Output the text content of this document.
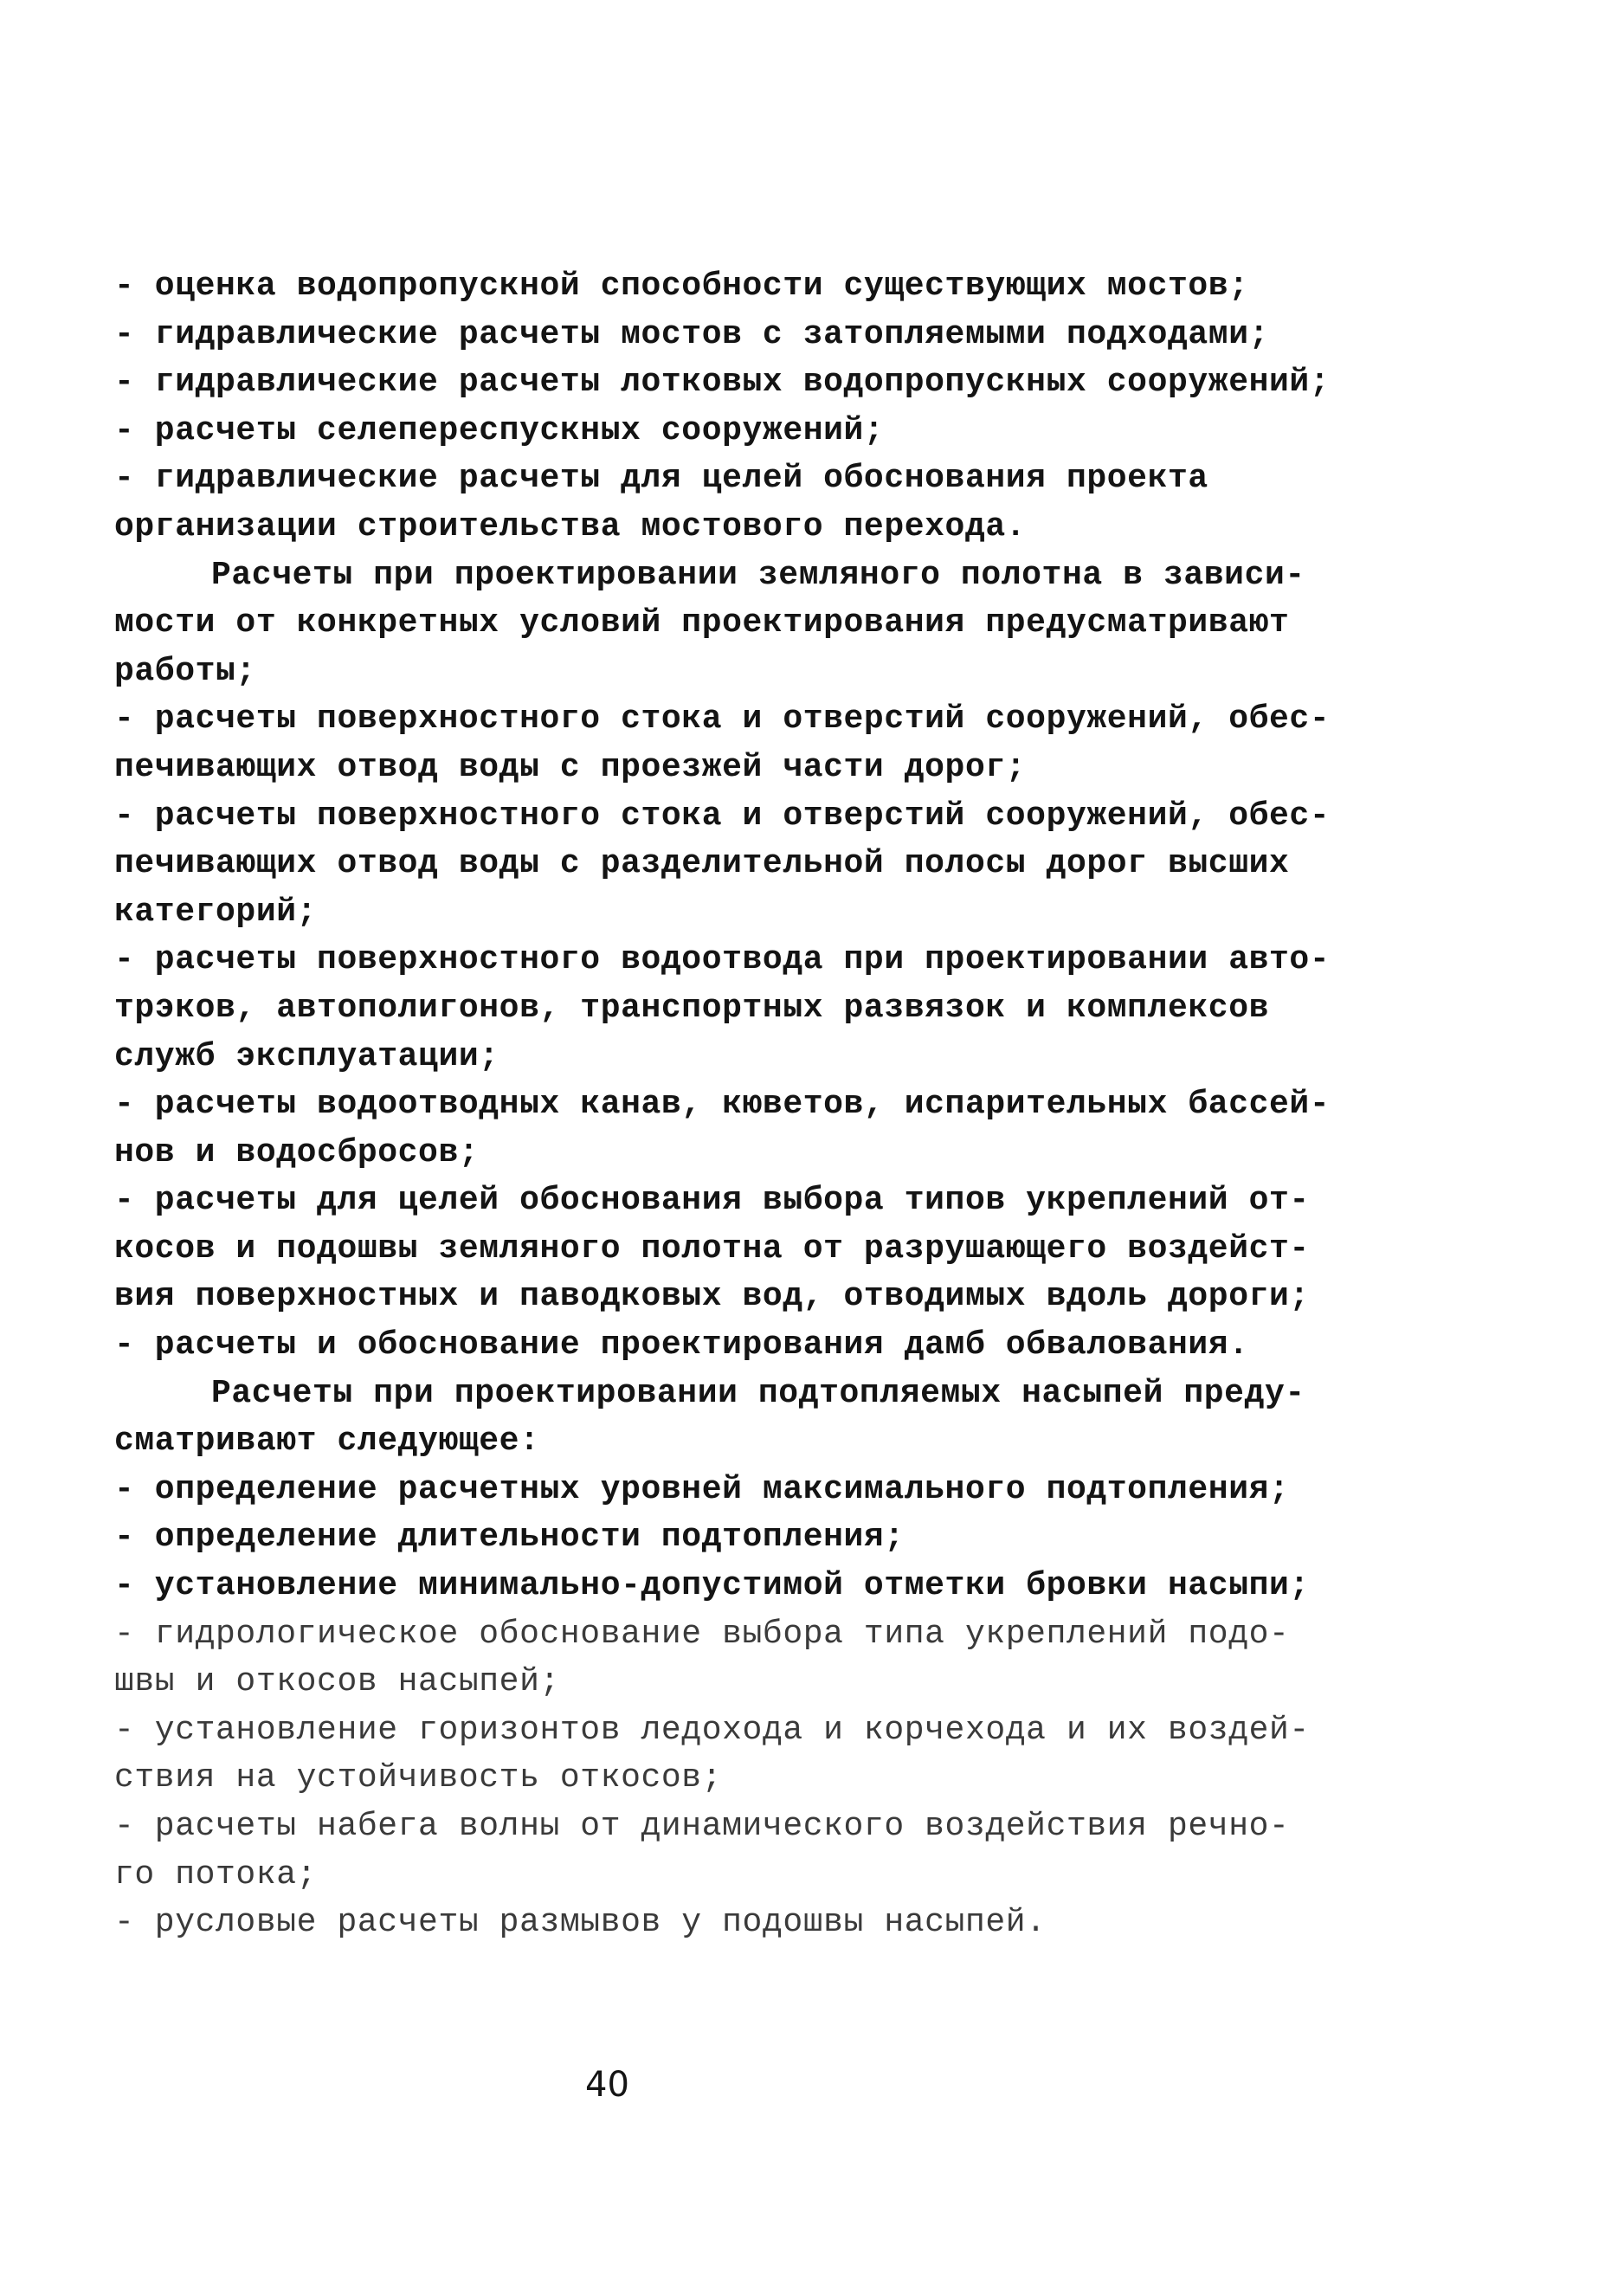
- оценка водопропускной способности существующих мостов;
- гидравлические расчеты мостов с затопляемыми подходами;
- гидравлические расчеты лотковых водопропускных сооружений;
- расчеты селепереспускных сооружений;
- гидравлические расчеты для целей обоснования проекта
организации строительства мостового перехода.
Расчеты при проектировании земляного полотна в зависи-
мости от конкретных условий проектирования предусматривают
работы;
- расчеты поверхностного стока и отверстий сооружений, обес-
печивающих отвод воды с проезжей части дорог;
- расчеты поверхностного стока и отверстий сооружений, обес-
печивающих отвод воды с разделительной полосы дорог высших
категорий;
- расчеты поверхностного водоотвода при проектировании авто-
трэков, автополигонов, транспортных развязок и комплексов
служб эксплуатации;
- расчеты водоотводных канав, кюветов, испарительных бассей-
нов и водосбросов;
- расчеты для целей обоснования выбора типов укреплений от-
косов и подошвы земляного полотна от разрушающего воздейст-
вия поверхностных и паводковых вод, отводимых вдоль дороги;
- расчеты и обоснование проектирования дамб обвалования.
Расчеты при проектировании подтопляемых насыпей преду-
сматривают следующее:
- определение расчетных уровней максимального подтопления;
- определение длительности подтопления;
- установление минимально-допустимой отметки бровки насыпи;
- гидрологическое обоснование выбора типа укреплений подо-
швы и откосов насыпей;
- установление горизонтов ледохода и корчехода и их воздей-
ствия на устойчивость откосов;
- расчеты набега волны от динамического воздействия речно-
го потока;
- русловые расчеты размывов у подошвы насыпей.
40
